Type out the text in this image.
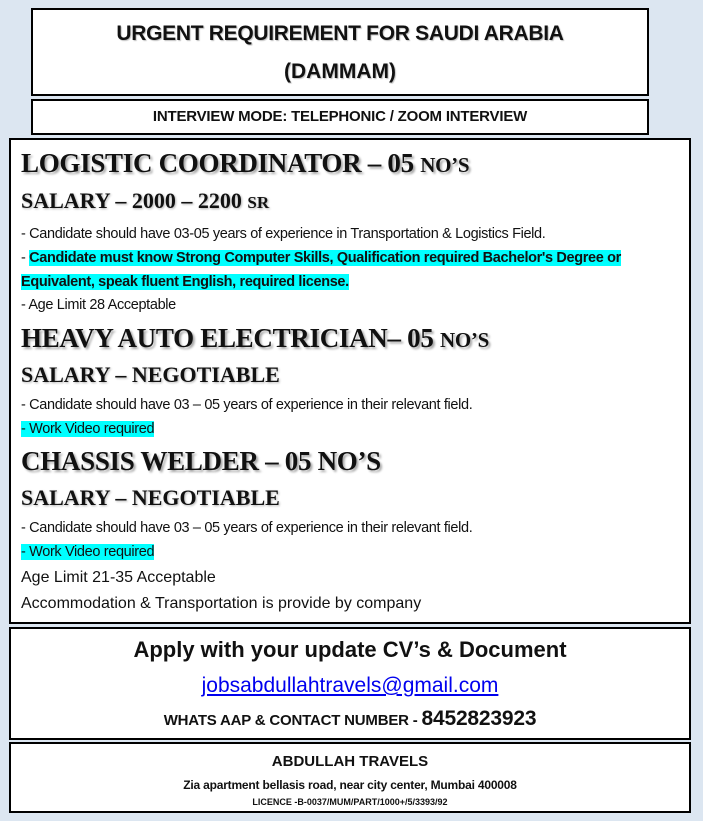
URGENT REQUIREMENT FOR SAUDI ARABIA
(DAMMAM)
INTERVIEW MODE: TELEPHONIC / ZOOM INTERVIEW
LOGISTIC COORDINATOR – 05 NO’S
SALARY – 2000 – 2200 SR
- Candidate should have 03-05 years of experience in Transportation & Logistics Field.
- Candidate must know Strong Computer Skills, Qualification required Bachelor's Degree or
Equivalent, speak fluent English, required license.
- Age Limit 28 Acceptable
HEAVY AUTO ELECTRICIAN– 05 NO’S
SALARY – NEGOTIABLE
- Candidate should have 03 – 05 years of experience in their relevant field.
- Work Video required
CHASSIS WELDER – 05 NO’S
SALARY – NEGOTIABLE
- Candidate should have 03 – 05 years of experience in their relevant field.
- Work Video required
Age Limit 21-35 Acceptable
Accommodation & Transportation is provide by company
Apply with your update CV’s & Document
jobsabdullahtravels@gmail.com
WHATS AAP & CONTACT NUMBER - 8452823923
ABDULLAH TRAVELS
Zia apartment bellasis road, near city center, Mumbai 400008
LICENCE -B-0037/MUM/PART/1000+/5/3393/92
